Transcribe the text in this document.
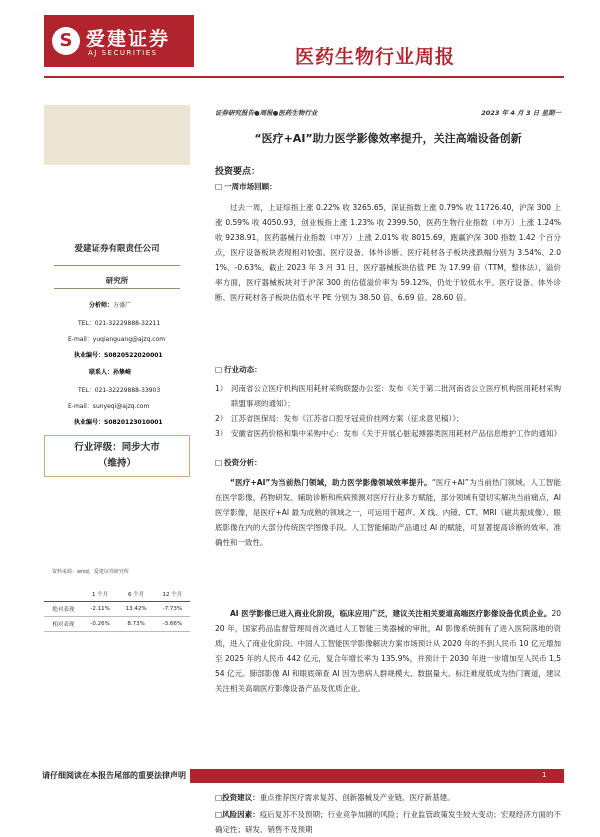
S 爱建证券
AJ SECURITIES	医药生物行业周报
爱建证券有限责任公司
研究所
分析师：方盛广
TEL：021-32229888-32211
E-mail：yuqianguang@ajzq.com
执业编号：S0820522020001
联系人：孙挚崎
TEL：021-32229888-33903
E-mail：sunyeqi@ajzq.com
执业编号：S0820123010001
行业评级：同步大市
（维持）
资料来源：wind，爱建证券研究所
	1 个月	6 个月	12 个月
绝对表现	-2.11%	13.42%	-7.73%
相对表现	-0.26%	8.73%	-3.66%
证券研究报告●周报●医药生物行业	2023 年 4 月 3 日 星期一
“医疗+AI”助力医学影像效率提升，关注高端设备创新
投资要点：
□ 一周市场回顾：
过去一周，上证综指上涨 0.22% 收 3265.65，深证指数上涨 0.79% 收 11726.40，沪深 300 上涨 0.59% 收 4050.93，创业板指上涨 1.23% 收 2399.50，医药生物行业指数（申万）上涨 1.24% 收 9238.91，医药器械行业指数（申万）上涨 2.01% 收 8015.69，跑赢沪深 300 指数 1.42 个百分点，医疗设备板块表现相对较强。医疗设备、体外诊断、医疗耗材各子板块涨跌幅分别为 3.54%、2.01%、-0.63%。截止 2023 年 3 月 31 日，医疗器械板块估值 PE 为 17.99 倍（TTM，整体法），溢价率方面，医疗器械板块对于沪深 300 的估值溢价率为 59.12%，仍处于较低水平。医疗设备、体外诊断、医疗耗材各子板块估值水平 PE 分别为 38.50 倍、6.69 倍、28.60 倍。
□ 行业动态：
1） 河南省公立医疗机构医用耗材采购联盟办公室：发布《关于第二批河南省公立医疗机构医用耗材采购联盟事项的通知》；
2） 江苏省医保局：发布《江苏省口腔牙冠竞价挂网方案（征求意见稿）》；
3） 安徽省医药价格和集中采购中心：发布《关于开展心脏起搏器类医用耗材产品信息维护工作的通知》
□ 投资分析：
“医疗+AI”为当前热门领域，助力医学影像领域效率提升。“医疗+AI”为当前热门领域，人工智能在医学影像、药物研发、辅助诊断和疾病预测对医疗行业多方赋能，部分领域有望切实解决当前痛点，AI 医学影像，是医疗+AI 最为成熟的领域之一，可运用于超声、X 线、内镜、CT、MRI（磁共振成像）、眼底影像在内的大部分传统医学图像手段。人工智能辅助产品通过 AI 的赋能，可显著提高诊断的效率、准确性和一致性。
AI 医学影像已进入商业化阶段，临床应用广泛，建议关注相关要道高端医疗影像设备优质企业。2020 年，国家药品监督管理局首次通过人工智能三类器械的审批，AI 影像系统拥有了进入医院落地的资质，进入了商业化阶段。中国人工智能医学影像解决方案市场预计从 2020 年的不到人民币 10 亿元增加至 2025 年的人民币 442 亿元，复合年增长率为 135.9%，并预计于 2030 年进一步增加至人民币 1,554 亿元。肺部影像 AI 和眼底筛查 AI 因为患病人群规模大、数据量大、标注难度低成为热门赛道，建议关注相关高端医疗影像设备产品及优质企业。
□投资建议：重点推荐医疗需求复苏、创新器械及产业链、医疗新基建。
□风险因素：疫后复苏不及预期；行业竞争加剧的风险；行业监管政策发生较大变动；宏观经济方面的不确定性；研发、销售不及预期
请仔细阅读在本报告尾部的重要法律声明	1
